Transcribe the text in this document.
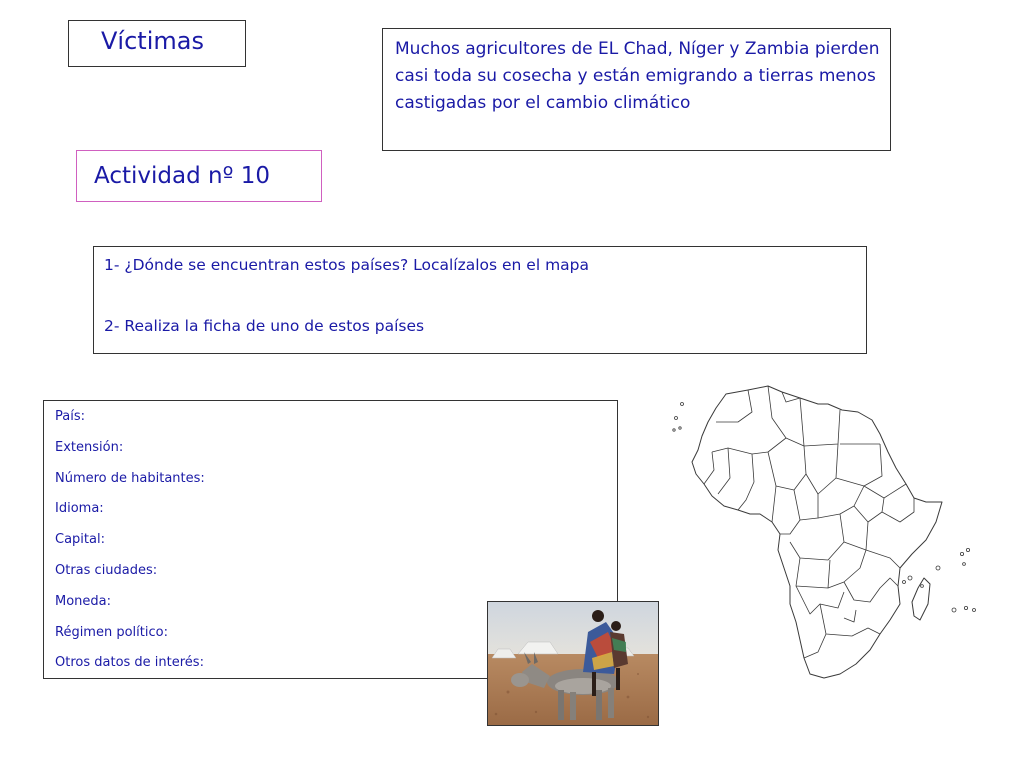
Víctimas	Muchos agricultores de EL Chad, Níger y Zambia pierden casi toda su cosecha y están emigrando a tierras menos castigadas por el cambio climático
Actividad nº 10
1- ¿Dónde se encuentran estos países? Localízalos en el mapa
2- Realiza la ficha de uno de estos países
País:
Extensión:
Número de habitantes:
Idioma:
Capital:
Otras ciudades:
Moneda:
Régimen político:
Otros datos de interés:
